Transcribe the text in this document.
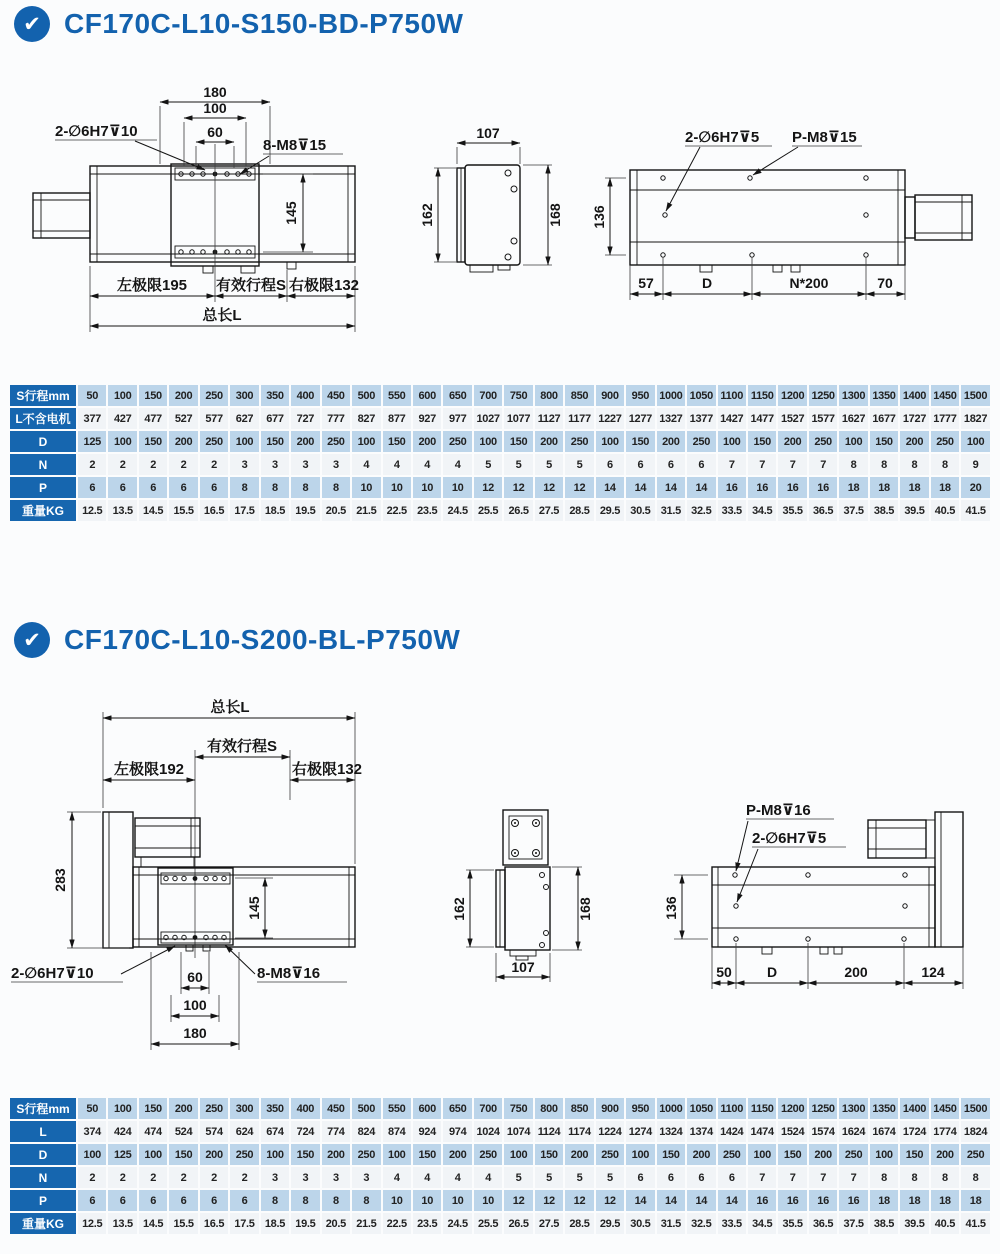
✔ CF170C-L10-S150-BD-P750W
180
100
60
2-∅6H7⊽10
8-M8⊽15
145
左极限195 有效行程S 右极限132
总长L
107
162	168
2-∅6H7⊽5 P-M8⊽15
136
57	D	N*200	70
S行程mm	50	100	150	200	250	300	350	400	450	500	550	600	650	700	750	800	850	900	950	1000	1050	1100	1150	1200	1250	1300	1350	1400	1450	1500
L不含电机	377	427	477	527	577	627	677	727	777	827	877	927	977	1027	1077	1127	1177	1227	1277	1327	1377	1427	1477	1527	1577	1627	1677	1727	1777	1827
D	125	100	150	200	250	100	150	200	250	100	150	200	250	100	150	200	250	100	150	200	250	100	150	200	250	100	150	200	250	100
N	2	2	2	2	2	3	3	3	3	4	4	4	4	5	5	5	5	6	6	6	6	7	7	7	7	8	8	8	8	9
P	6	6	6	6	6	8	8	8	8	10	10	10	10	12	12	12	12	14	14	14	14	16	16	16	16	18	18	18	18	20
重量KG	12.5	13.5	14.5	15.5	16.5	17.5	18.5	19.5	20.5	21.5	22.5	23.5	24.5	25.5	26.5	27.5	28.5	29.5	30.5	31.5	32.5	33.5	34.5	35.5	36.5	37.5	38.5	39.5	40.5	41.5
✔ CF170C-L10-S200-BL-P750W
总长L
有效行程S
左极限192	右极限132
283
145
2-∅6H7⊽10	8-M8⊽16
60
100
180
162	168
107
P-M8⊽16
2-∅6H7⊽5
136
50	D	200	124
S行程mm	50	100	150	200	250	300	350	400	450	500	550	600	650	700	750	800	850	900	950	1000	1050	1100	1150	1200	1250	1300	1350	1400	1450	1500
L	374	424	474	524	574	624	674	724	774	824	874	924	974	1024	1074	1124	1174	1224	1274	1324	1374	1424	1474	1524	1574	1624	1674	1724	1774	1824
D	100	125	100	150	200	250	100	150	200	250	100	150	200	250	100	150	200	250	100	150	200	250	100	150	200	250	100	150	200	250
N	2	2	2	2	2	2	3	3	3	3	4	4	4	4	5	5	5	5	6	6	6	6	7	7	7	7	8	8	8	8
P	6	6	6	6	6	6	8	8	8	8	10	10	10	10	12	12	12	12	14	14	14	14	16	16	16	16	18	18	18	18
重量KG	12.5	13.5	14.5	15.5	16.5	17.5	18.5	19.5	20.5	21.5	22.5	23.5	24.5	25.5	26.5	27.5	28.5	29.5	30.5	31.5	32.5	33.5	34.5	35.5	36.5	37.5	38.5	39.5	40.5	41.5
